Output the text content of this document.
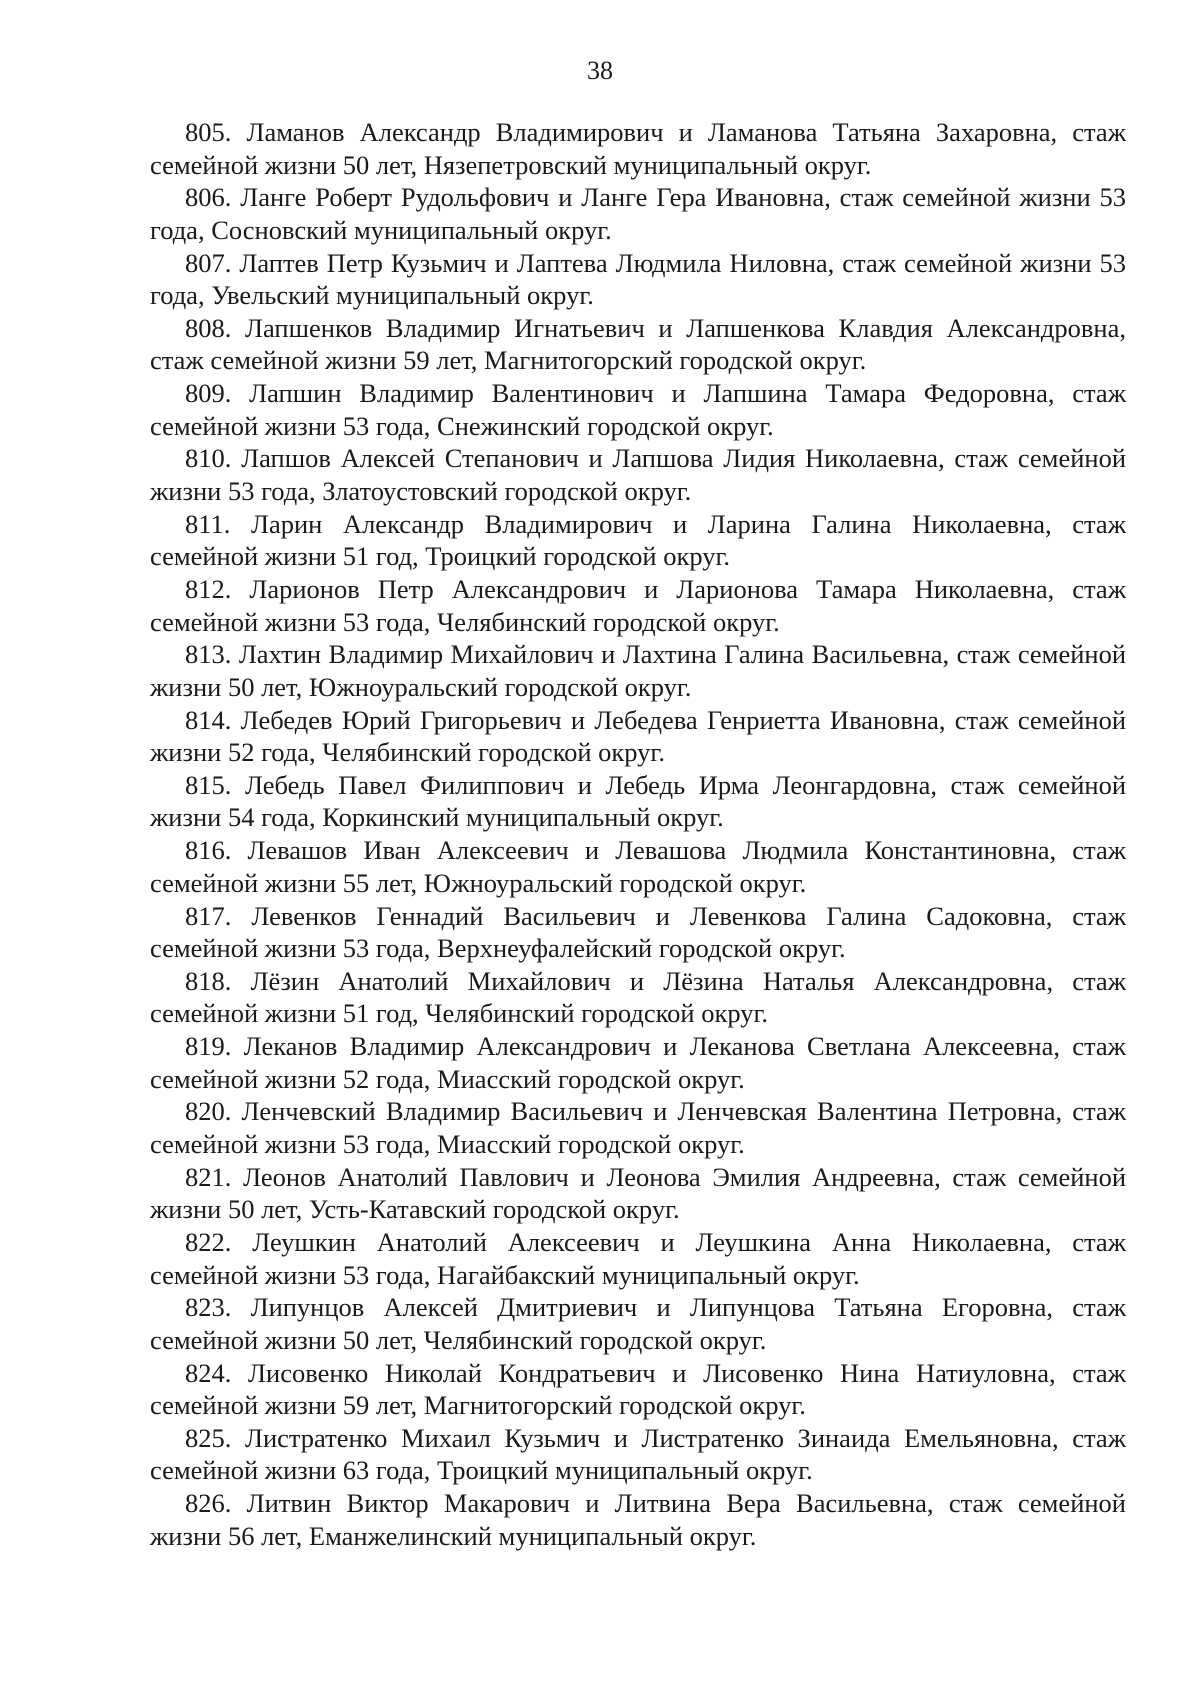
38

805. Ламанов Александр Владимирович и Ламанова Татьяна Захаровна, стаж семейной жизни 50 лет, Нязепетровский муниципальный округ.

806. Ланге Роберт Рудольфович и Ланге Гера Ивановна, стаж семейной жизни 53 года, Сосновский муниципальный округ.

807. Лаптев Петр Кузьмич и Лаптева Людмила Ниловна, стаж семейной жизни 53 года, Увельский муниципальный округ.

808. Лапшенков Владимир Игнатьевич и Лапшенкова Клавдия Александровна, стаж семейной жизни 59 лет, Магнитогорский городской округ.

809. Лапшин Владимир Валентинович и Лапшина Тамара Федоровна, стаж семейной жизни 53 года, Снежинский городской округ.

810. Лапшов Алексей Степанович и Лапшова Лидия Николаевна, стаж семейной жизни 53 года, Златоустовский городской округ.

811. Ларин Александр Владимирович и Ларина Галина Николаевна, стаж семейной жизни 51 год, Троицкий городской округ.

812. Ларионов Петр Александрович и Ларионова Тамара Николаевна, стаж семейной жизни 53 года, Челябинский городской округ.

813. Лахтин Владимир Михайлович и Лахтина Галина Васильевна, стаж семейной жизни 50 лет, Южноуральский городской округ.

814. Лебедев Юрий Григорьевич и Лебедева Генриетта Ивановна, стаж семейной жизни 52 года, Челябинский городской округ.

815. Лебедь Павел Филиппович и Лебедь Ирма Леонгардовна, стаж семейной жизни 54 года, Коркинский муниципальный округ.

816. Левашов Иван Алексеевич и Левашова Людмила Константиновна, стаж семейной жизни 55 лет, Южноуральский городской округ.

817. Левенков Геннадий Васильевич и Левенкова Галина Садоковна, стаж семейной жизни 53 года, Верхнеуфалейский городской округ.

818. Лёзин Анатолий Михайлович и Лёзина Наталья Александровна, стаж семейной жизни 51 год, Челябинский городской округ.

819. Леканов Владимир Александрович и Леканова Светлана Алексеевна, стаж семейной жизни 52 года, Миасский городской округ.

820. Ленчевский Владимир Васильевич и Ленчевская Валентина Петровна, стаж семейной жизни 53 года, Миасский городской округ.

821. Леонов Анатолий Павлович и Леонова Эмилия Андреевна, стаж семейной жизни 50 лет, Усть-Катавский городской округ.

822. Леушкин Анатолий Алексеевич и Леушкина Анна Николаевна, стаж семейной жизни 53 года, Нагайбакский муниципальный округ.

823. Липунцов Алексей Дмитриевич и Липунцова Татьяна Егоровна, стаж семейной жизни 50 лет, Челябинский городской округ.

824. Лисовенко Николай Кондратьевич и Лисовенко Нина Натиуловна, стаж семейной жизни 59 лет, Магнитогорский городской округ.

825. Листратенко Михаил Кузьмич и Листратенко Зинаида Емельяновна, стаж семейной жизни 63 года, Троицкий муниципальный округ.

826. Литвин Виктор Макарович и Литвина Вера Васильевна, стаж семейной жизни 56 лет, Еманжелинский муниципальный округ.
